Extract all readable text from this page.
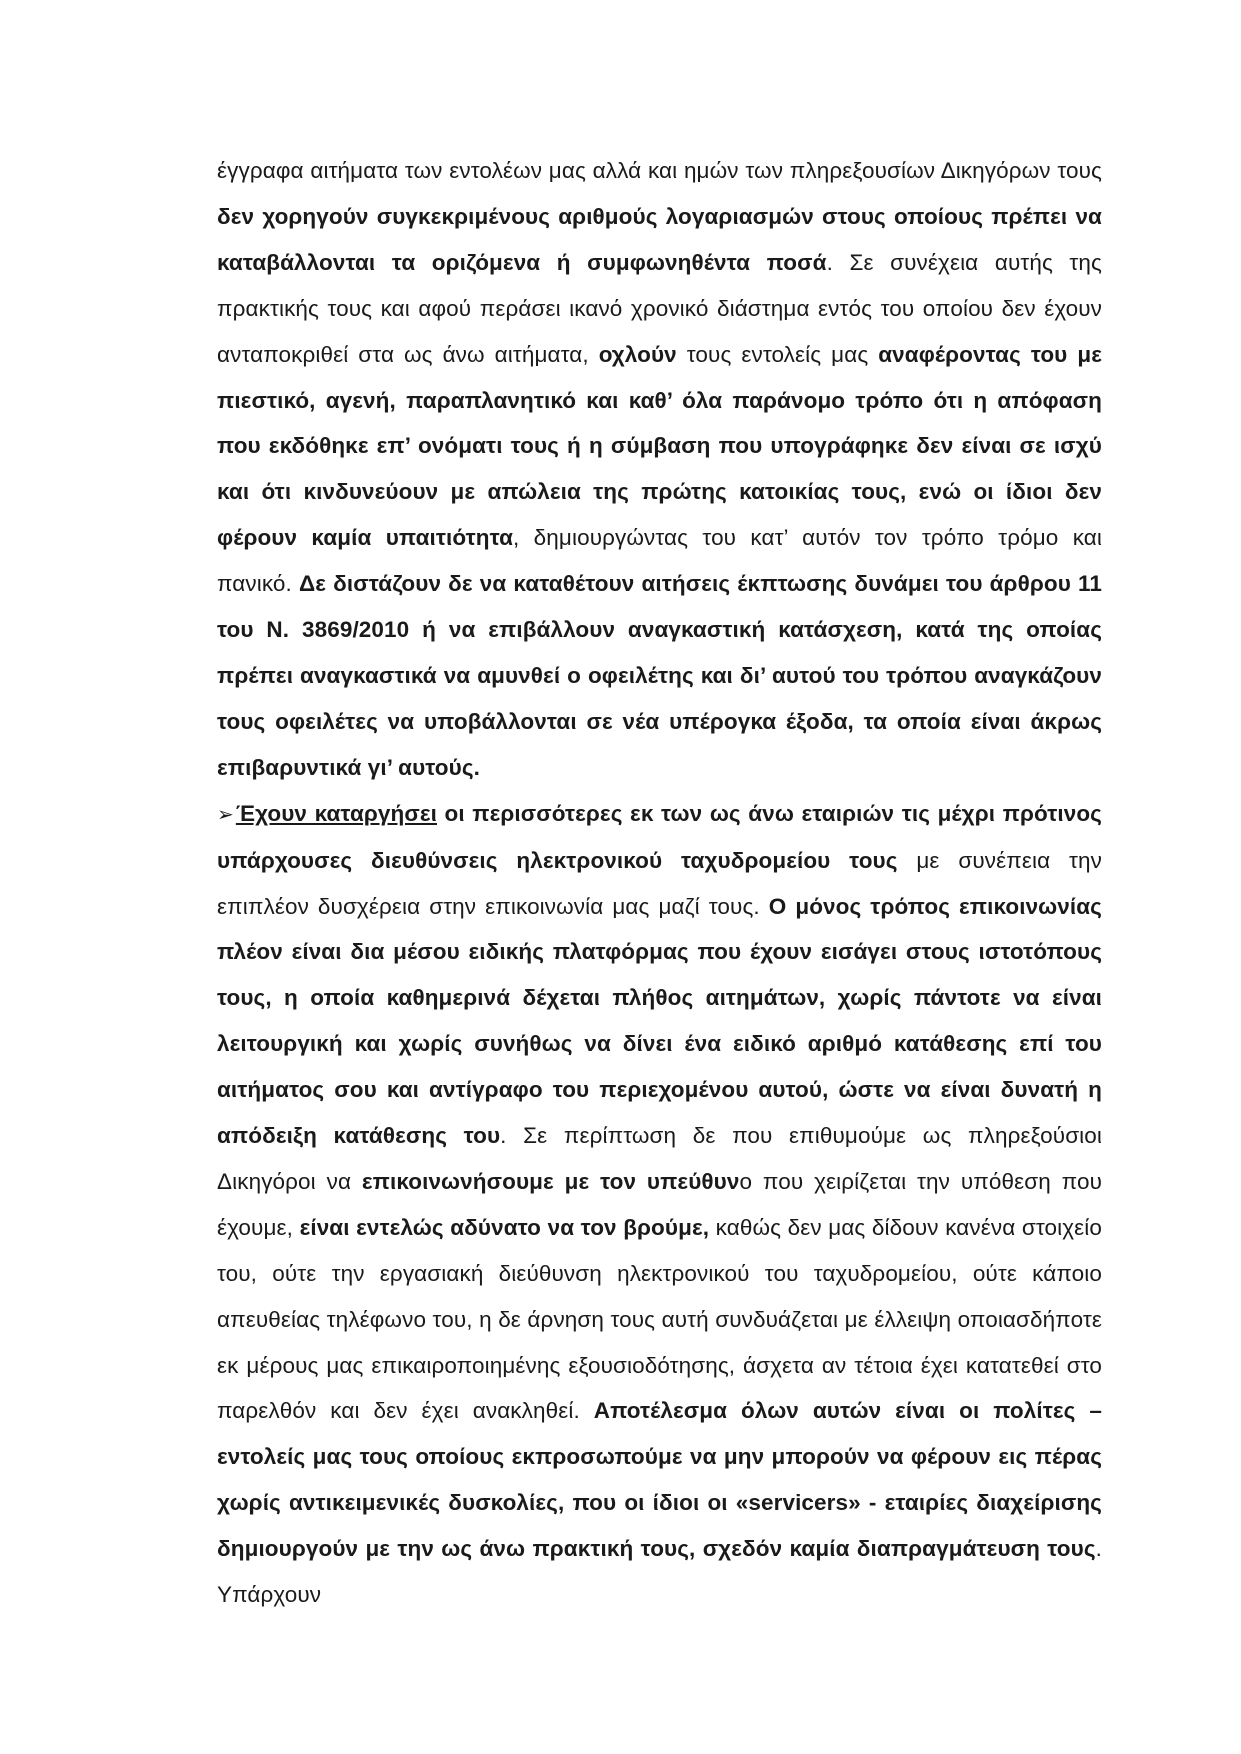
έγγραφα αιτήματα των εντολέων μας αλλά και ημών των πληρεξουσίων Δικηγόρων τους δεν χορηγούν συγκεκριμένους αριθμούς λογαριασμών στους οποίους πρέπει να καταβάλλονται τα οριζόμενα ή συμφωνηθέντα ποσά. Σε συνέχεια αυτής της πρακτικής τους και αφού περάσει ικανό χρονικό διάστημα εντός του οποίου δεν έχουν ανταποκριθεί στα ως άνω αιτήματα, οχλούν τους εντολείς μας αναφέροντας του με πιεστικό, αγενή, παραπλανητικό και καθ’ όλα παράνομο τρόπο ότι η απόφαση που εκδόθηκε επ’ ονόματι τους ή η σύμβαση που υπογράφηκε δεν είναι σε ισχύ και ότι κινδυνεύουν με απώλεια της πρώτης κατοικίας τους, ενώ οι ίδιοι δεν φέρουν καμία υπαιτιότητα, δημιουργώντας του κατ’ αυτόν τον τρόπο τρόμο και πανικό. Δε διστάζουν δε να καταθέτουν αιτήσεις έκπτωσης δυνάμει του άρθρου 11 του Ν. 3869/2010 ή να επιβάλλουν αναγκαστική κατάσχεση, κατά της οποίας πρέπει αναγκαστικά να αμυνθεί ο οφειλέτης και δι’ αυτού του τρόπου αναγκάζουν τους οφειλέτες να υποβάλλονται σε νέα υπέρογκα έξοδα, τα οποία είναι άκρως επιβαρυντικά γι’ αυτούς.

➢Έχουν καταργήσει οι περισσότερες εκ των ως άνω εταιριών τις μέχρι πρότινος υπάρχουσες διευθύνσεις ηλεκτρονικού ταχυδρομείου τους με συνέπεια την επιπλέον δυσχέρεια στην επικοινωνία μας μαζί τους. Ο μόνος τρόπος επικοινωνίας πλέον είναι δια μέσου ειδικής πλατφόρμας που έχουν εισάγει στους ιστοτόπους τους, η οποία καθημερινά δέχεται πλήθος αιτημάτων, χωρίς πάντοτε να είναι λειτουργική και χωρίς συνήθως να δίνει ένα ειδικό αριθμό κατάθεσης επί του αιτήματος σου και αντίγραφο του περιεχομένου αυτού, ώστε να είναι δυνατή η απόδειξη κατάθεσης του. Σε περίπτωση δε που επιθυμούμε ως πληρεξούσιοι Δικηγόροι να επικοινωνήσουμε με τον υπεύθυνο που χειρίζεται την υπόθεση που έχουμε, είναι εντελώς αδύνατο να τον βρούμε, καθώς δεν μας δίδουν κανένα στοιχείο του, ούτε την εργασιακή διεύθυνση ηλεκτρονικού του ταχυδρομείου, ούτε κάποιο απευθείας τηλέφωνο του, η δε άρνηση τους αυτή συνδυάζεται με έλλειψη οποιασδήποτε εκ μέρους μας επικαιροποιημένης εξουσιοδότησης, άσχετα αν τέτοια έχει κατατεθεί στο παρελθόν και δεν έχει ανακληθεί. Αποτέλεσμα όλων αυτών είναι οι πολίτες – εντολείς μας τους οποίους εκπροσωπούμε να μην μπορούν να φέρουν εις πέρας χωρίς αντικειμενικές δυσκολίες, που οι ίδιοι οι «servicers» - εταιρίες διαχείρισης δημιουργούν με την ως άνω πρακτική τους, σχεδόν καμία διαπραγμάτευση τους. Υπάρχουν
